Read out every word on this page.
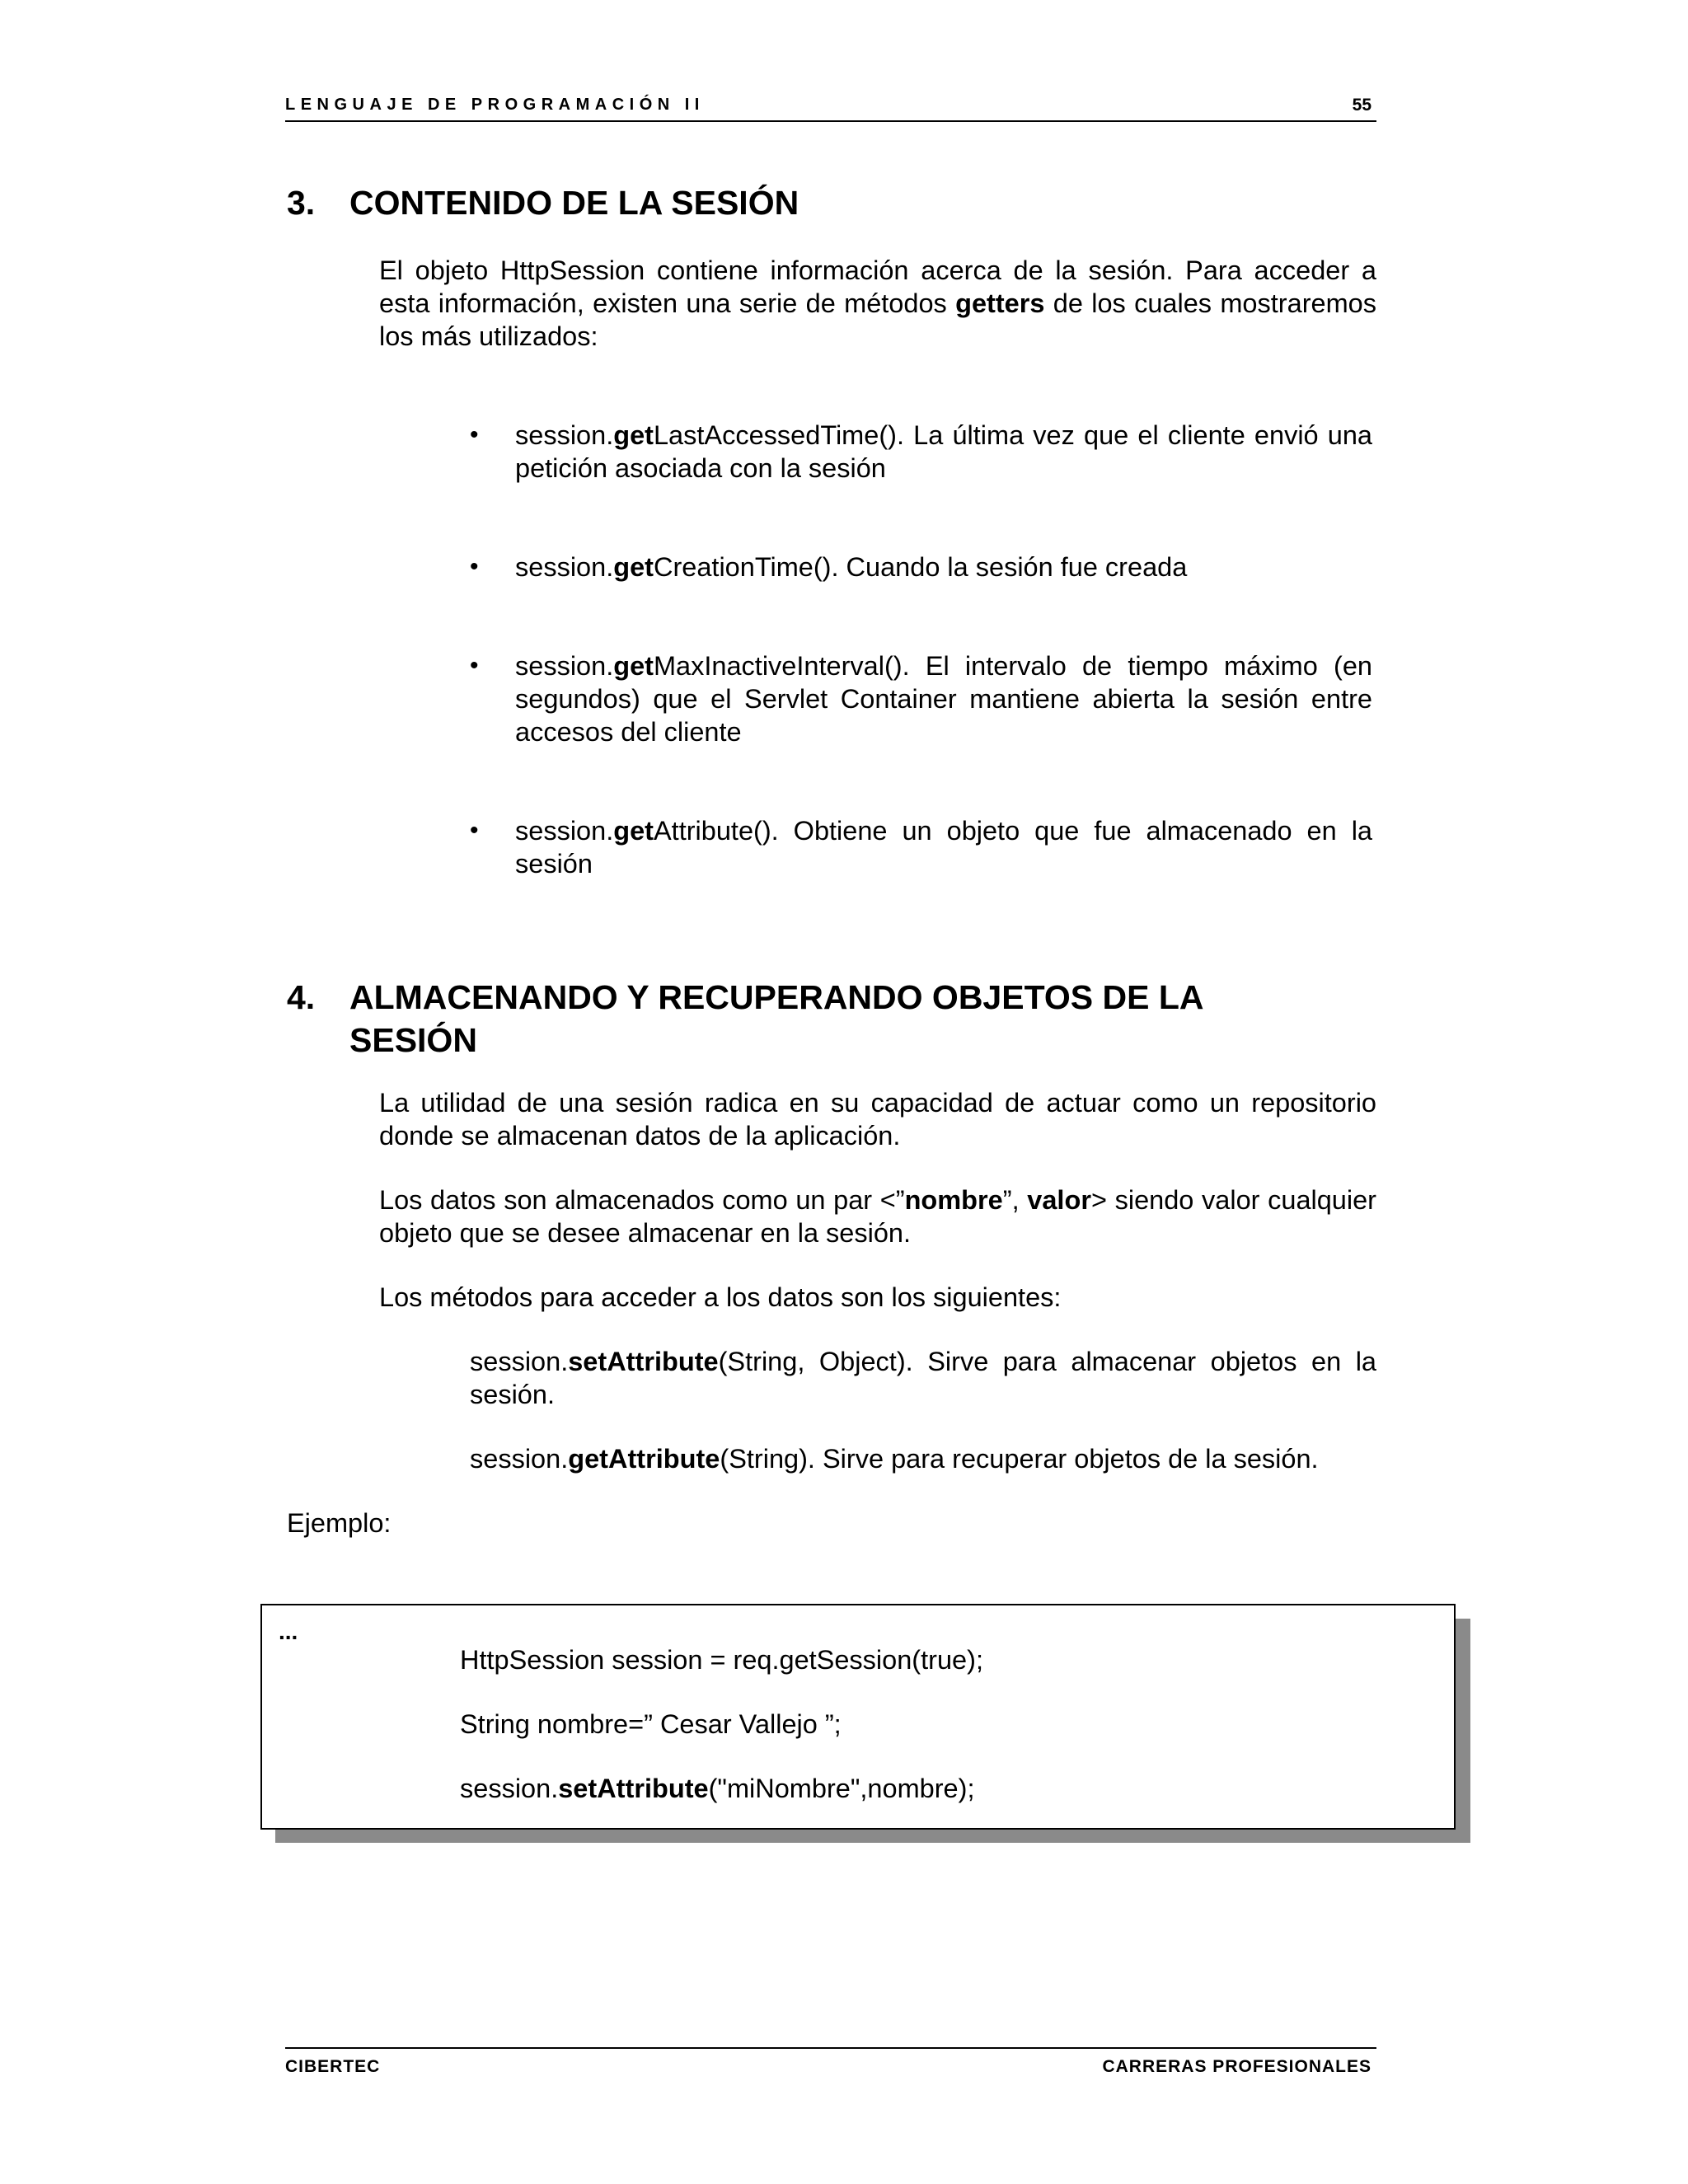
LENGUAJE DE PROGRAMACIÓN II	55
3. CONTENIDO DE LA SESIÓN

El objeto HttpSession contiene información acerca de la sesión. Para acceder a esta información, existen una serie de métodos getters de los cuales mostraremos los más utilizados:

• session.getLastAccessedTime(). La última vez que el cliente envió una petición asociada con la sesión
• session.getCreationTime(). Cuando la sesión fue creada
• session.getMaxInactiveInterval(). El intervalo de tiempo máximo (en segundos) que el Servlet Container mantiene abierta la sesión entre accesos del cliente
• session.getAttribute(). Obtiene un objeto que fue almacenado en la sesión
4. ALMACENANDO Y RECUPERANDO OBJETOS DE LA
SESIÓN

La utilidad de una sesión radica en su capacidad de actuar como un repositorio donde se almacenan datos de la aplicación.

Los datos son almacenados como un par <”nombre”, valor> siendo valor cualquier objeto que se desee almacenar en la sesión.

Los métodos para acceder a los datos son los siguientes:

session.setAttribute(String, Object). Sirve para almacenar objetos en la sesión.

session.getAttribute(String). Sirve para recuperar objetos de la sesión.

Ejemplo:

...
HttpSession session = req.getSession(true);
String nombre=” Cesar Vallejo ”;
session.setAttribute("miNombre",nombre);
CIBERTEC	CARRERAS PROFESIONALES
